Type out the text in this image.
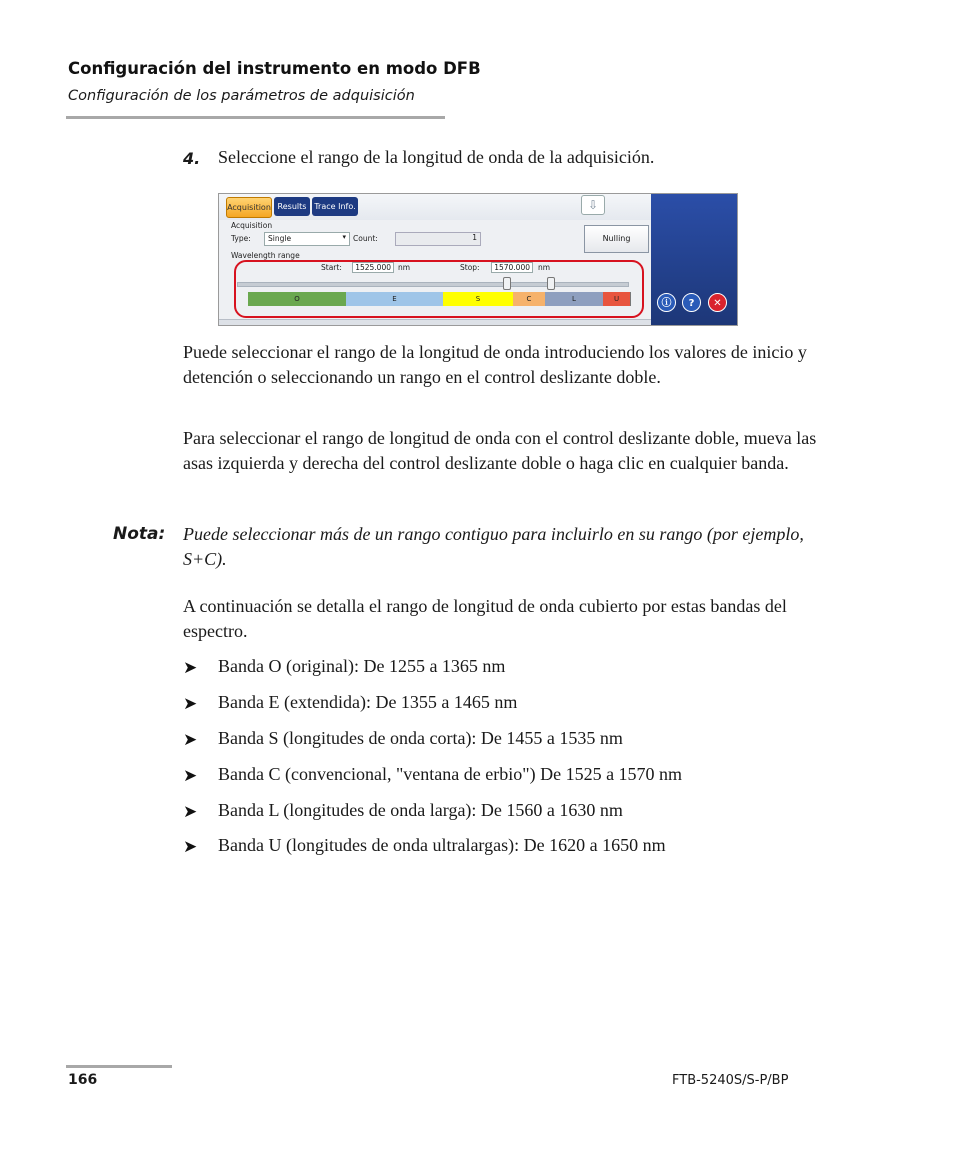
Configuración del instrumento en modo DFB
Configuración de los parámetros de adquisición
4. Seleccione el rango de la longitud de onda de la adquisición.
Acquisition Results Trace Info.	⇩
Acquisition
Type: Single	▾ Count:	1	Nulling
Wavelength range
Start:	1525.000 nm	Stop:	1570.000	nm
O	E	S	C	L	U	ⓘ	?	✕
Puede seleccionar el rango de la longitud de onda introduciendo los valores de inicio y detención o seleccionando un rango en el control deslizante doble.
Para seleccionar el rango de longitud de onda con el control deslizante doble, mueva las asas izquierda y derecha del control deslizante doble o haga clic en cualquier banda.
Nota: Puede seleccionar más de un rango contiguo para incluirlo en su rango (por ejemplo, S+C).
A continuación se detalla el rango de longitud de onda cubierto por estas bandas del espectro.
➤	Banda O (original): De 1255 a 1365 nm
➤	Banda E (extendida): De 1355 a 1465 nm
➤	Banda S (longitudes de onda corta): De 1455 a 1535 nm
➤	Banda C (convencional, "ventana de erbio") De 1525 a 1570 nm
➤	Banda L (longitudes de onda larga): De 1560 a 1630 nm
➤	Banda U (longitudes de onda ultralargas): De 1620 a 1650 nm
166	FTB-5240S/S-P/BP
